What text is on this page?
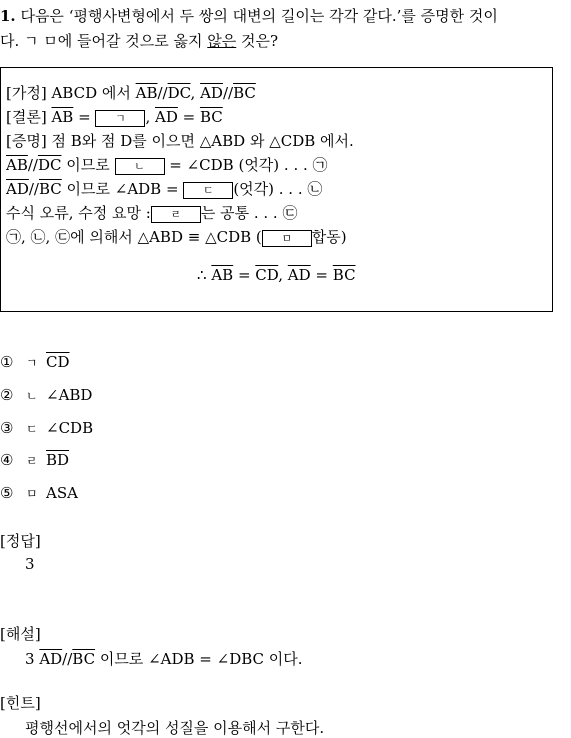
1. 다음은 ‘평행사변형에서 두 쌍의 대변의 길이는 각각 같다.’를 증명한 것이
다. ㄱ ㅁ에 들어갈 것으로 옳지 않은 것은?
[가정] ABCD 에서 $\overline{AB}//\overline{DC}$, $\overline{AD}//\overline{BC}$
[결론] $\overline{AB}$ = ㄱ , $\overline{AD} = \overline{BC}$
[증명] 점 B와 점 D를 이으면 △ABD 와 △CDB 에서.
$\overline{AB}//\overline{DC}$ 이므로 ㄴ = ∠CDB (엇각) . . . ㉠
$\overline{AD}//\overline{BC}$ 이므로 ∠ADB = ㄷ (엇각) . . . ㉡
수식 오류, 수정 요망 : ㄹ 는 공통 . . . ㉢
㉠, ㉡, ㉢에 의해서 △ABD ≡ △CDB ( ㅁ 합동)
∴ $\overline{AB} = \overline{CD}$, $\overline{AD} = \overline{BC}$
① ㄱ $\overline{CD}$
② ㄴ ∠ABD
③ ㄷ ∠CDB
④ ㄹ $\overline{BD}$
⑤ ㅁ ASA
[정답]
3
[해설]
3 $\overline{AD}//\overline{BC}$ 이므로 ∠ADB = ∠DBC 이다.
[힌트]
평행선에서의 엇각의 성질을 이용해서 구한다.
